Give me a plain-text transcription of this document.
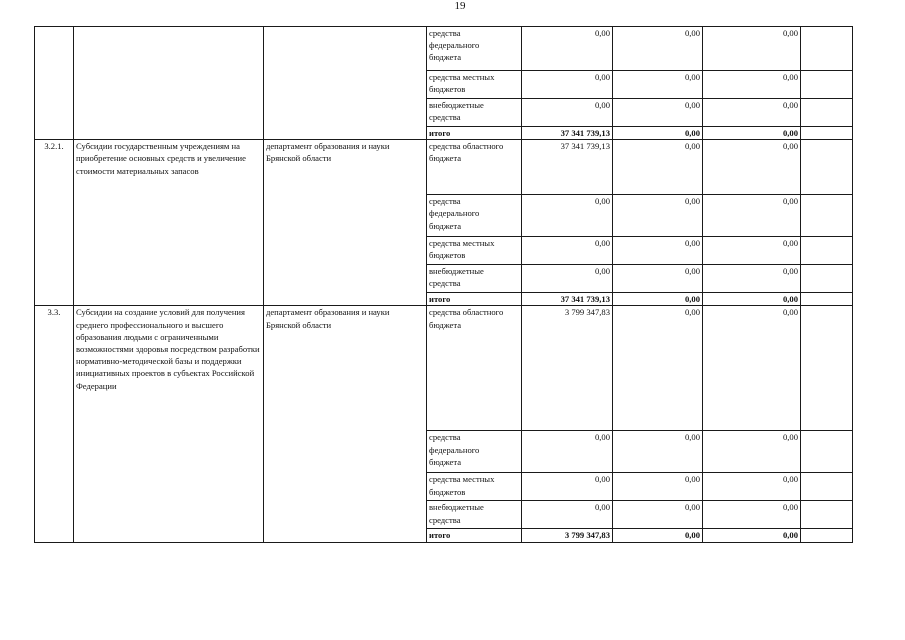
19
			средства
федерального
бюджета	0,00	0,00	0,00	
			средства местных
бюджетов	0,00	0,00	0,00	
			внебюджетные
средства	0,00	0,00	0,00	
			итого	37 341 739,13	0,00	0,00	
3.2.1.	Субсидии государственным учреждениям на приобретение основных средств и увеличение стоимости материальных запасов	департамент образования и науки Брянской области	средства областного
бюджета	37 341 739,13	0,00	0,00	
			средства
федерального
бюджета	0,00	0,00	0,00	
			средства местных
бюджетов	0,00	0,00	0,00	
			внебюджетные
средства	0,00	0,00	0,00	
			итого	37 341 739,13	0,00	0,00	
3.3.	Субсидии на создание условий для получения среднего профессионального и высшего образования людьми с ограниченными возможностями здоровья посредством разработки нормативно-методической базы и поддержки инициативных проектов в субъектах Российской Федерации	департамент образования и науки Брянской области	средства областного
бюджета	3 799 347,83	0,00	0,00	
			средства
федерального
бюджета	0,00	0,00	0,00	
			средства местных
бюджетов	0,00	0,00	0,00	
			внебюджетные
средства	0,00	0,00	0,00	
			итого	3 799 347,83	0,00	0,00	
